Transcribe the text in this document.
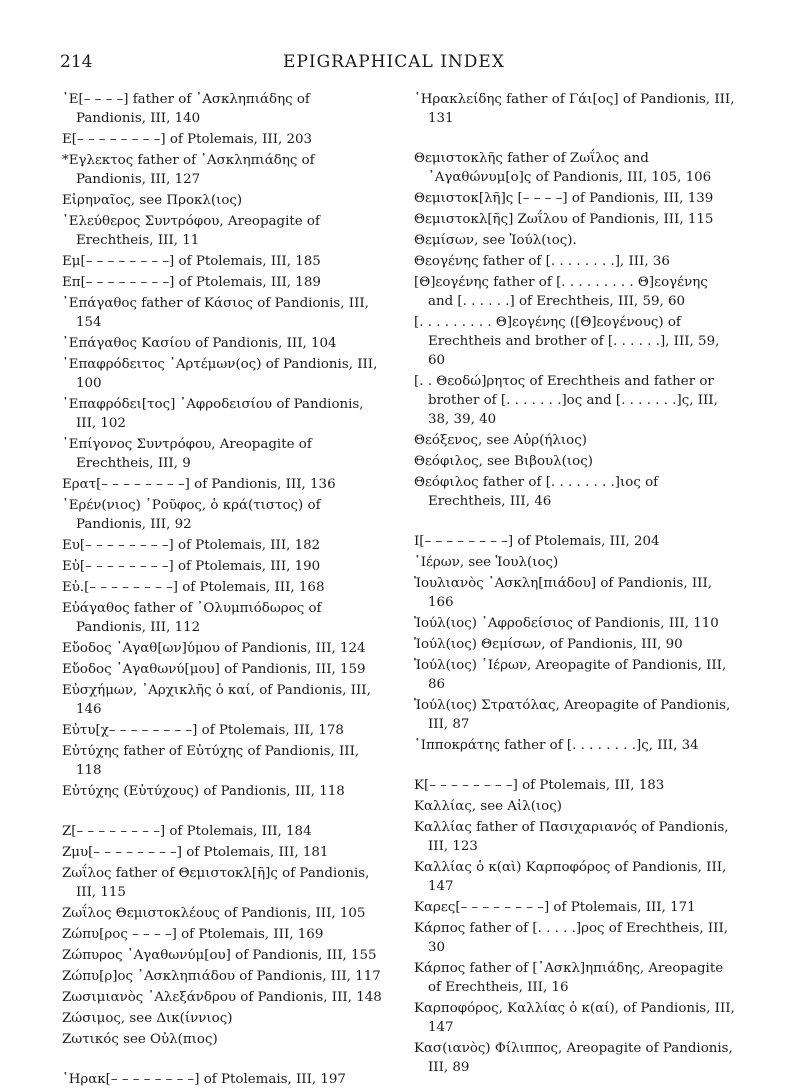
214	EPIGRAPHICAL INDEX
᾽Ε[– – – –] father of ᾽Ασκληπιάδης of Pandionis, III, 140
Ε[– – – – – – – –] of Ptolemais, III, 203
*Εγλεκτος father of ᾽Ασκληπιάδης of Pandionis, III, 127
Εἰρηναῖος, see Προκλ(ιος)
᾽Ελεύθερος Συντρόφου, Areopagite of Erechtheis, III, 11
Εμ[– – – – – – – –] of Ptolemais, III, 185
Επ[– – – – – – – –] of Ptolemais, III, 189
᾽Επάγαθος father of Κάσιος of Pandionis, III, 154
᾽Επάγαθος Κασίου of Pandionis, III, 104
᾽Επαφρόδειτος ᾽Αρτέμων(ος) of Pandionis, III, 100
᾽Επαφρόδει[τος] ᾽Αφροδεισίου of Pandionis, III, 102
᾽Επίγονος Συντρόφου, Areopagite of Erechtheis, III, 9
Ερατ[– – – – – – – –] of Pandionis, III, 136
᾽Ερέν(νιος) ῾Ροῦφος, ὁ κρά(τιστος) of Pandionis, III, 92
Ευ[– – – – – – – –] of Ptolemais, III, 182
Εὐ[– – – – – – – –] of Ptolemais, III, 190
Εὐ.[– – – – – – – –] of Ptolemais, III, 168
Εὐάγαθος father of ᾽Ολυμπιόδωρος of Pandionis, III, 112
Εὔοδος ᾽Αγαθ[ων]ύμου of Pandionis, III, 124
Εὔοδος ᾽Αγαθωνύ[μου] of Pandionis, III, 159
Εὐσχήμων, ᾽Αρχικλῆς ὁ καί, of Pandionis, III, 146
Εὐτυ[χ– – – – – – – –] of Ptolemais, III, 178
Εὐτύχης father of Εὐτύχης of Pandionis, III, 118
Εὐτύχης (Εὐτύχους) of Pandionis, III, 118
Ζ[– – – – – – – –] of Ptolemais, III, 184
Ζμυ[– – – – – – – –] of Ptolemais, III, 181
Ζωΐλος father of Θεμιστοκλ[ῆ]ς of Pandionis, III, 115
Ζωΐλος Θεμιστοκλέους of Pandionis, III, 105
Ζώπυ[ρος – – – –] of Ptolemais, III, 169
Ζώπυρος ᾽Αγαθωνύμ[ου] of Pandionis, III, 155
Ζώπυ[ρ]ος ᾽Ασκληπιάδου of Pandionis, III, 117
Ζωσιμιανὸς ᾽Αλεξάνδρου of Pandionis, III, 148
Ζώσιμος, see Δικ(ίννιος)
Ζωτικός see Οὐλ(πιος)
῾Ηρακ[– – – – – – – –] of Ptolemais, III, 197
῾Ηρακλείδης father of Γάι[ος] of Pandionis, III, 131
Θεμιστοκλῆς father of Ζωΐλος and ᾽Αγαθώνυμ[ο]ς of Pandionis, III, 105, 106
Θεμιστοκ[λῆ]ς [– – – –] of Pandionis, III, 139
Θεμιστοκλ[ῆς] Ζωΐλου of Pandionis, III, 115
Θεμίσων, see Ἰούλ(ιος).
Θεογένης father of [. . . . . . . .], III, 36
[Θ]εογένης father of [. . . . . . . . . Θ]εογένης and [. . . . . .] of Erechtheis, III, 59, 60
[. . . . . . . . . Θ]εογένης ([Θ]εογένους) of Erechtheis and brother of [. . . . . .], III, 59, 60
[. . Θεοδώ]ρητος of Erechtheis and father or brother of [. . . . . . .]ος and [. . . . . . .]ς, III, 38, 39, 40
Θεόξενος, see Αὐρ(ήλιος)
Θεόφιλος, see Βιβουλ(ιος)
Θεόφιλος father of [. . . . . . . .]ιος of Erechtheis, III, 46
Ι[– – – – – – – –] of Ptolemais, III, 204
῾Ιέρων, see Ἰουλ(ιος)
Ἰουλιανὸς ᾽Ασκλη[πιάδου] of Pandionis, III, 166
Ἰούλ(ιος) ᾽Αφροδείσιος of Pandionis, III, 110
Ἰούλ(ιος) Θεμίσων, of Pandionis, III, 90
Ἰούλ(ιος) ῾Ιέρων, Areopagite of Pandionis, III, 86
Ἰούλ(ιος) Στρατόλας, Areopagite of Pandionis, III, 87
῾Ιπποκράτης father of [. . . . . . . .]ς, III, 34
Κ[– – – – – – – –] of Ptolemais, III, 183
Καλλίας, see Αἰλ(ιος)
Καλλίας father of Πασιχαριανός of Pandionis, III, 123
Καλλίας ὁ κ(αὶ) Καρποφόρος of Pandionis, III, 147
Καρες[– – – – – – – –] of Ptolemais, III, 171
Κάρπος father of [. . . . .]ρος of Erechtheis, III, 30
Κάρπος father of [᾽Ασκλ]ηπιάδης, Areopagite of Erechtheis, III, 16
Καρποφόρος, Καλλίας ὁ κ(αί), of Pandionis, III, 147
Κασ(ιανὸς) Φίλιππος, Areopagite of Pandionis, III, 89
